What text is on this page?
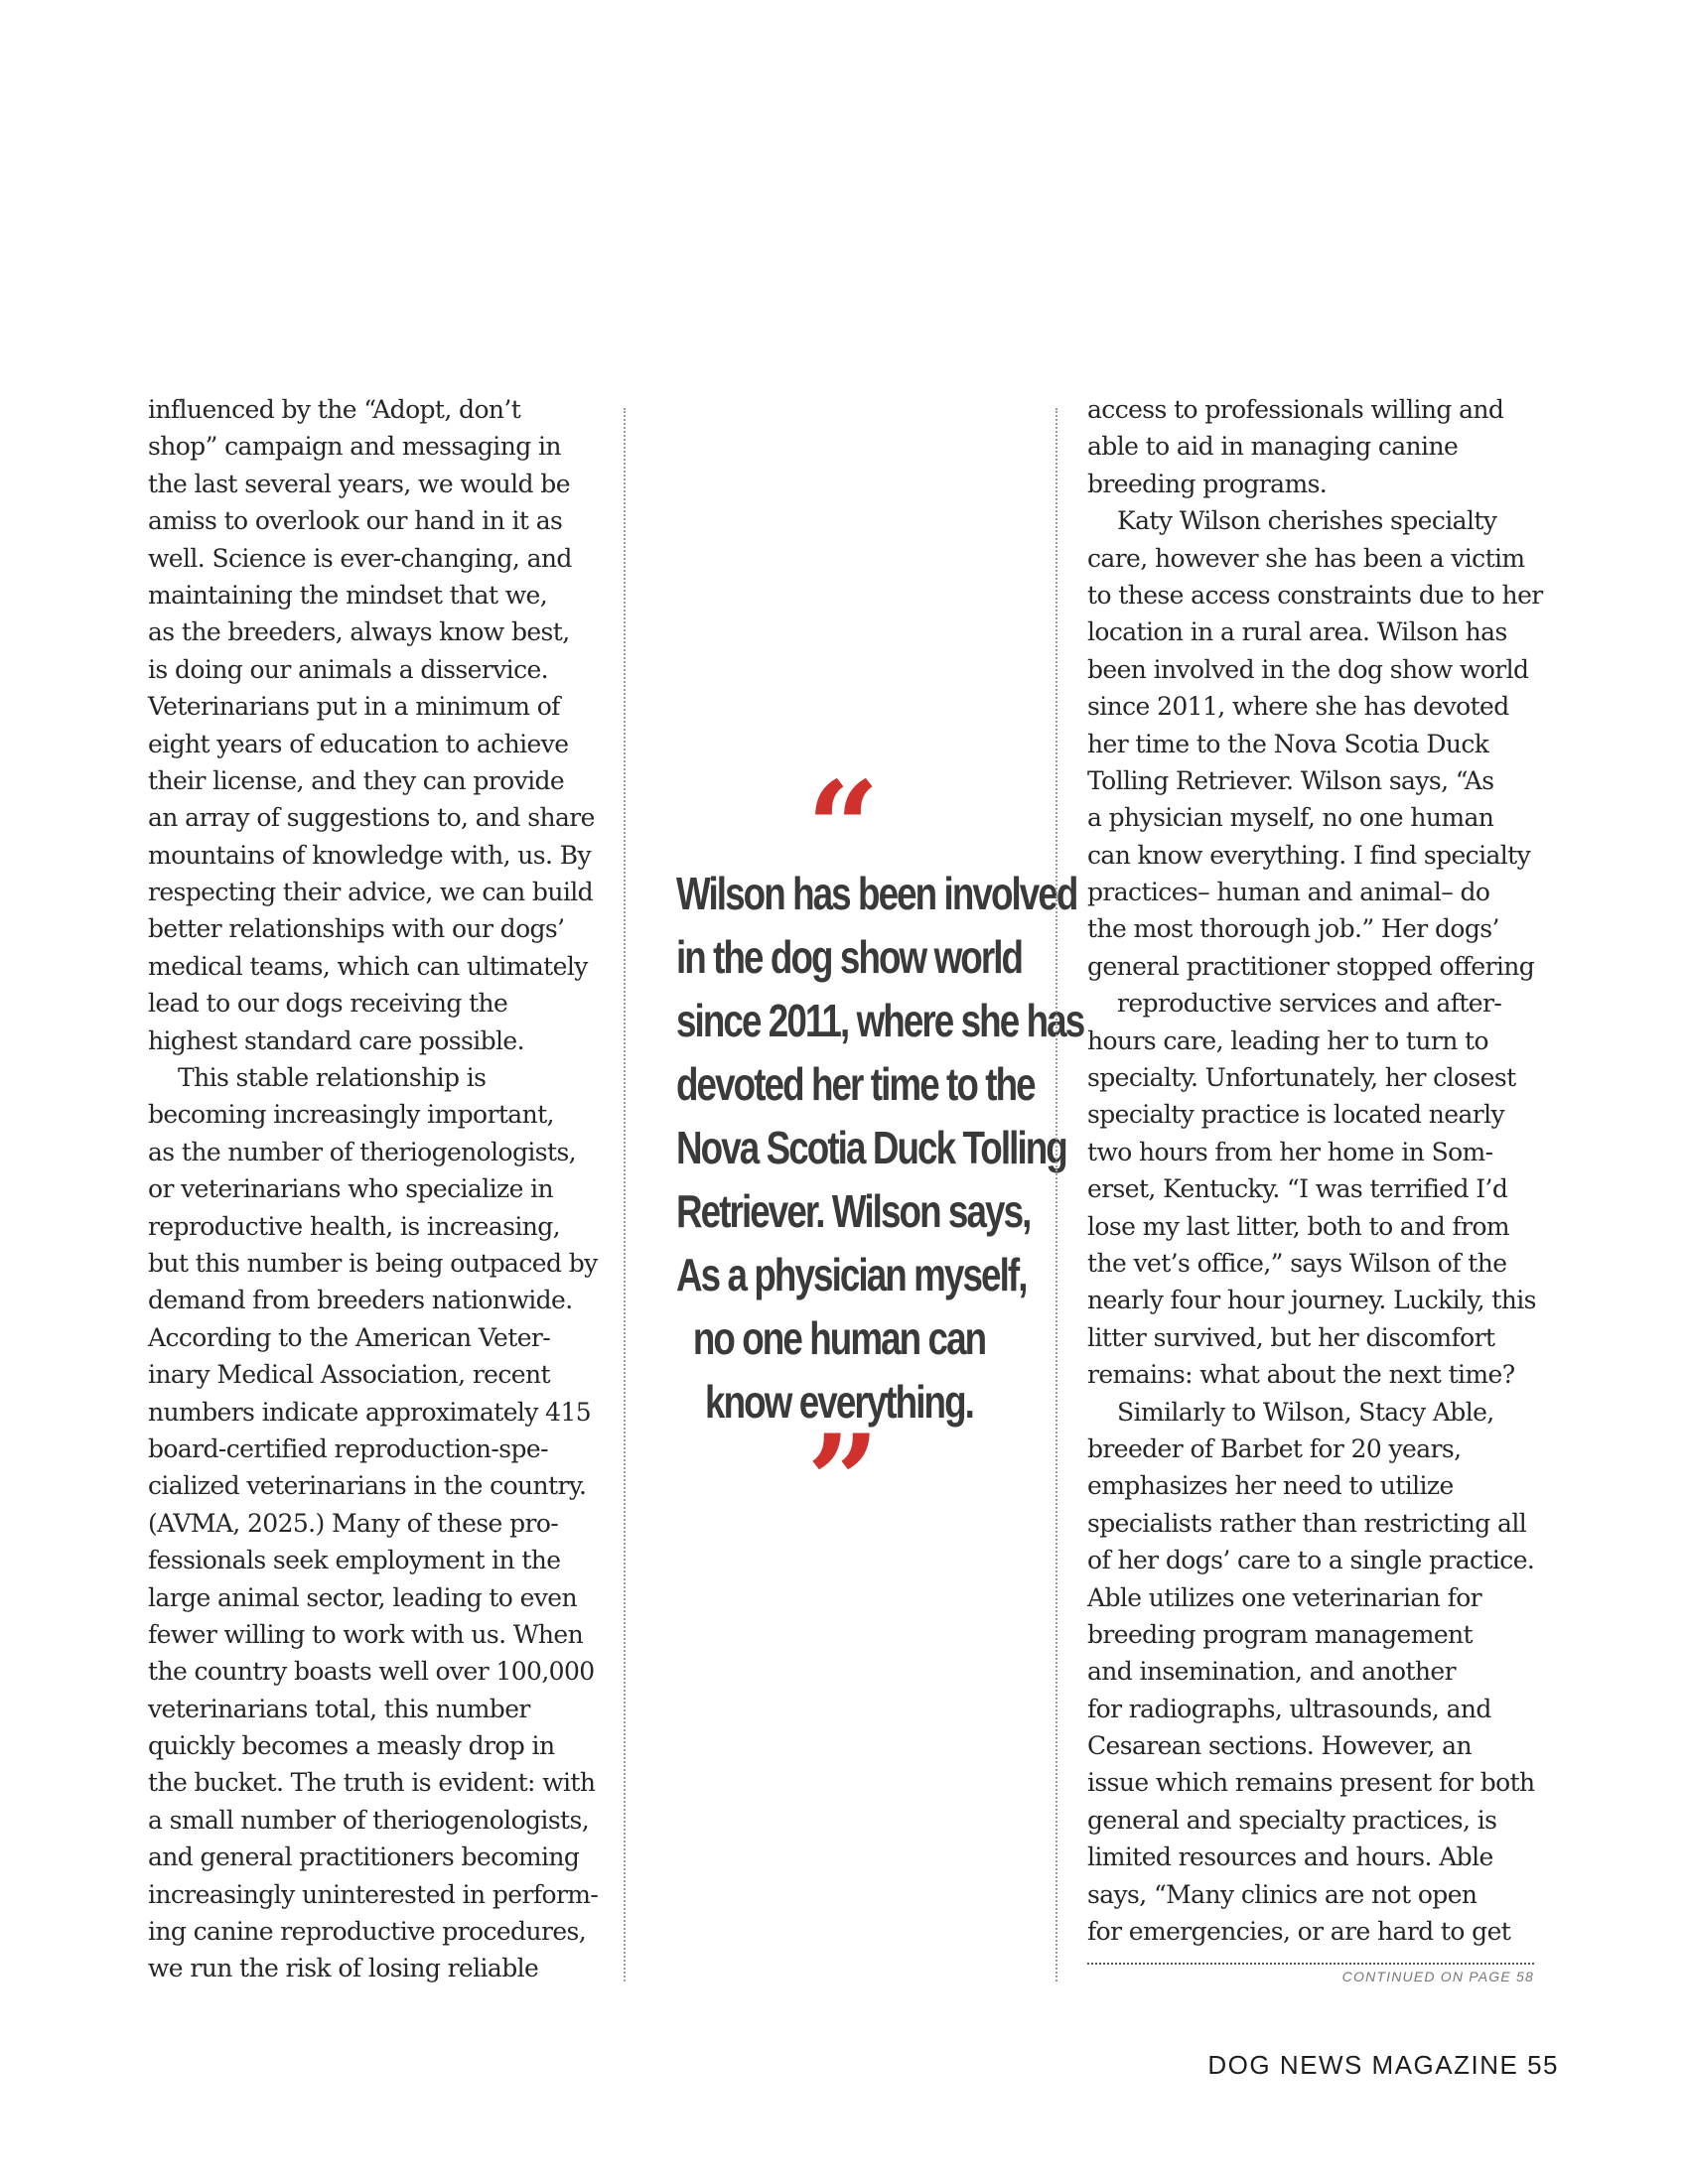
influenced by the “Adopt, don’t
shop” campaign and messaging in
the last several years, we would be
amiss to overlook our hand in it as
well. Science is ever-changing, and
maintaining the mindset that we,
as the breeders, always know best,
is doing our animals a disservice.
Veterinarians put in a minimum of
eight years of education to achieve
their license, and they can provide
an array of suggestions to, and share
mountains of knowledge with, us. By
respecting their advice, we can build
better relationships with our dogs’
medical teams, which can ultimately
lead to our dogs receiving the
highest standard care possible.
This stable relationship is
becoming increasingly important,
as the number of theriogenologists,
or veterinarians who specialize in
reproductive health, is increasing,
but this number is being outpaced by
demand from breeders nationwide.
According to the American Veter-
inary Medical Association, recent
numbers indicate approximately 415
board-certified reproduction-spe-
cialized veterinarians in the country.
(AVMA, 2025.) Many of these pro-
fessionals seek employment in the
large animal sector, leading to even
fewer willing to work with us. When
the country boasts well over 100,000
veterinarians total, this number
quickly becomes a measly drop in
the bucket. The truth is evident: with
a small number of theriogenologists,
and general practitioners becoming
increasingly uninterested in perform-
ing canine reproductive procedures,
we run the risk of losing reliable
“
Wilson has been involved
in the dog show world
since 2011, where she has
devoted her time to the
Nova Scotia Duck Tolling
Retriever. Wilson says,
As a physician myself,
no one human can
know everything.
”
access to professionals willing and
able to aid in managing canine
breeding programs.
Katy Wilson cherishes specialty
care, however she has been a victim
to these access constraints due to her
location in a rural area. Wilson has
been involved in the dog show world
since 2011, where she has devoted
her time to the Nova Scotia Duck
Tolling Retriever. Wilson says, “As
a physician myself, no one human
can know everything. I find specialty
practices– human and animal– do
the most thorough job.” Her dogs’
general practitioner stopped offering
reproductive services and after-
hours care, leading her to turn to
specialty. Unfortunately, her closest
specialty practice is located nearly
two hours from her home in Som-
erset, Kentucky. “I was terrified I’d
lose my last litter, both to and from
the vet’s office,” says Wilson of the
nearly four hour journey. Luckily, this
litter survived, but her discomfort
remains: what about the next time?
Similarly to Wilson, Stacy Able,
breeder of Barbet for 20 years,
emphasizes her need to utilize
specialists rather than restricting all
of her dogs’ care to a single practice.
Able utilizes one veterinarian for
breeding program management
and insemination, and another
for radiographs, ultrasounds, and
Cesarean sections. However, an
issue which remains present for both
general and specialty practices, is
limited resources and hours. Able
says, “Many clinics are not open
for emergencies, or are hard to get
CONTINUED ON PAGE 58
DOG NEWS MAGAZINE 55
